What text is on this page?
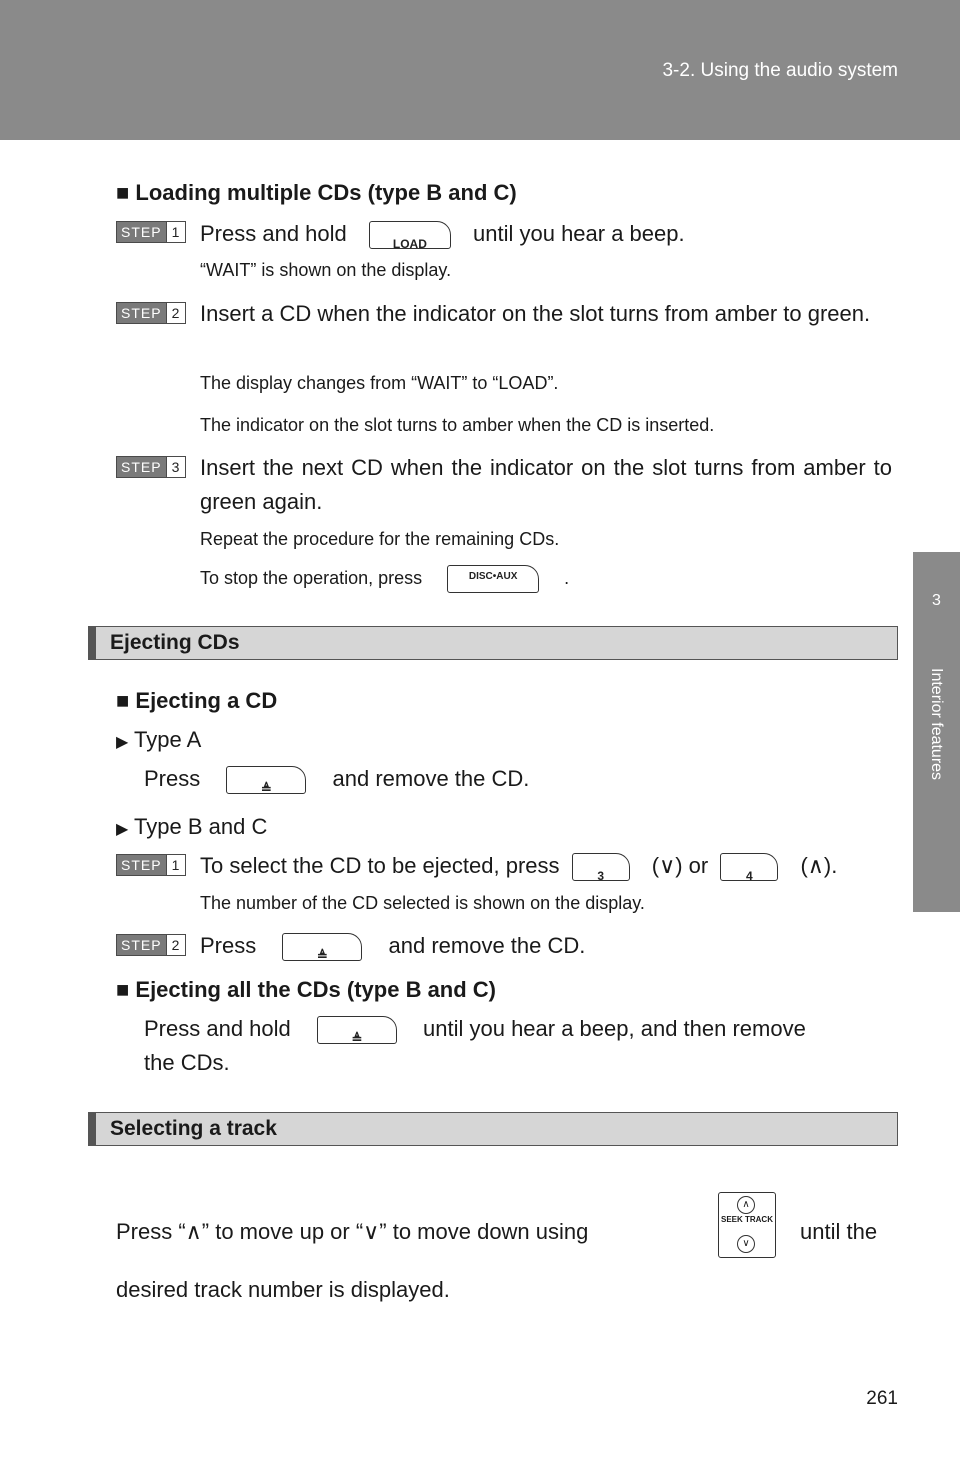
3-2. Using the audio system
3
Interior features
■ Loading multiple CDs (type B and C)
STEP 1 Press and hold	LOAD	until you hear a beep.
“WAIT” is shown on the display.
STEP 2 Insert a CD when the indicator on the slot turns from amber to green.
The display changes from “WAIT” to “LOAD”.
The indicator on the slot turns to amber when the CD is inserted.
STEP 3 Insert the next CD when the indicator on the slot turns from amber to green again.
Repeat the procedure for the remaining CDs.
To stop the operation, press	DISC•AUX	.
Ejecting CDs
■ Ejecting a CD
▶ Type A
Press	≜	and remove the CD.
▶ Type B and C
STEP 1 To select the CD to be ejected, press	3	(∨) or	4	(∧).
The number of the CD selected is shown on the display.
STEP 2 Press	≜	and remove the CD.
■ Ejecting all the CDs (type B and C)
Press and hold	≜	until you hear a beep, and then remove
the CDs.
Selecting a track
Press “∧” to move up or “∨” to move down using
∧
SEEK TRACK
∨ until the
desired track number is displayed.
261
